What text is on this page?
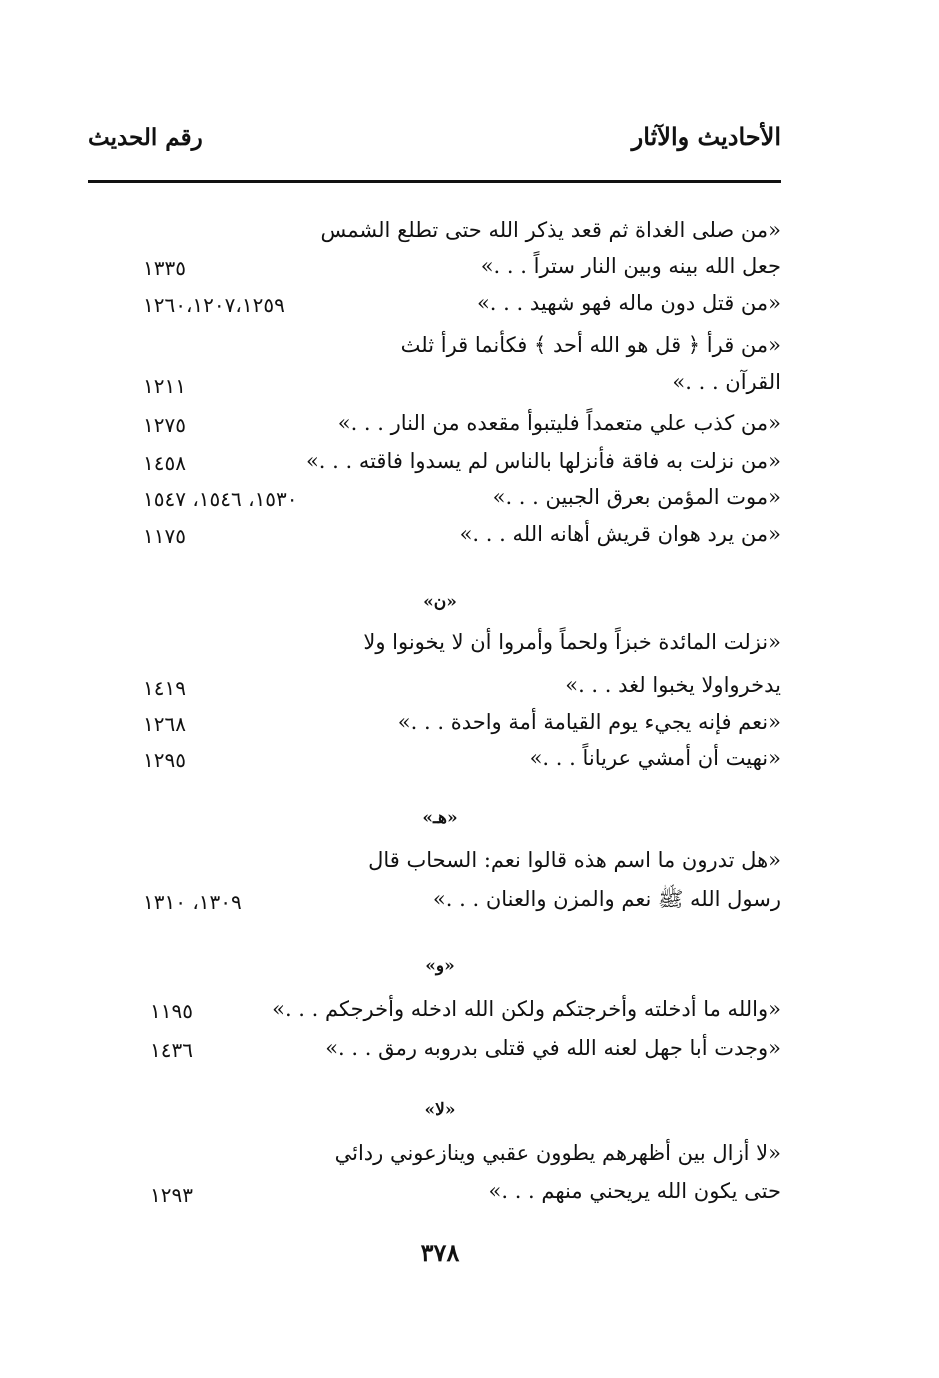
الأحاديث والآثار
رقم الحديث
«من صلى الغداة ثم قعد يذكر الله حتى تطلع الشمس
جعل الله بينه وبين النار ستراً . . .»
١٣٣٥
«من قتل دون ماله فهو شهيد . . .»
١٢٦٠،١٢٠٧،١٢٥٩
«من قرأ ﴿ قل هو الله أحد ﴾ فكأنما قرأ ثلث
القرآن . . .»
١٢١١
«من كذب علي متعمداً فليتبوأ مقعده من النار . . .»
١٢٧٥
«من نزلت به فاقة فأنزلها بالناس لم يسدوا فاقته . . .»
١٤٥٨
«موت المؤمن بعرق الجبين . . .»
١٥٣٠، ١٥٤٦، ١٥٤٧
«من يرد هوان قريش أهانه الله . . .»
١١٧٥
«ن»
«نزلت المائدة خبزاً ولحماً وأمروا أن لا يخونوا ولا
يدخرواولا يخبوا لغد . . .»
١٤١٩
«نعم فإنه يجيء يوم القيامة أمة واحدة . . .»
١٢٦٨
«نهيت أن أمشي عرياناً . . .»
١٢٩٥
«هـ»
«هل تدرون ما اسم هذه قالوا نعم: السحاب قال
رسول الله ﷺ نعم والمزن والعنان . . .»
١٣٠٩، ١٣١٠
«و»
«والله ما أدخلته وأخرجتكم ولكن الله ادخله وأخرجكم . . .»
١١٩٥
«وجدت أبا جهل لعنه الله في قتلى بدروبه رمق . . .»
١٤٣٦
«لا»
«لا أزال بين أظهرهم يطوون عقبي وينازعوني ردائي
حتى يكون الله يريحني منهم . . .»
١٢٩٣
٣٧٨
